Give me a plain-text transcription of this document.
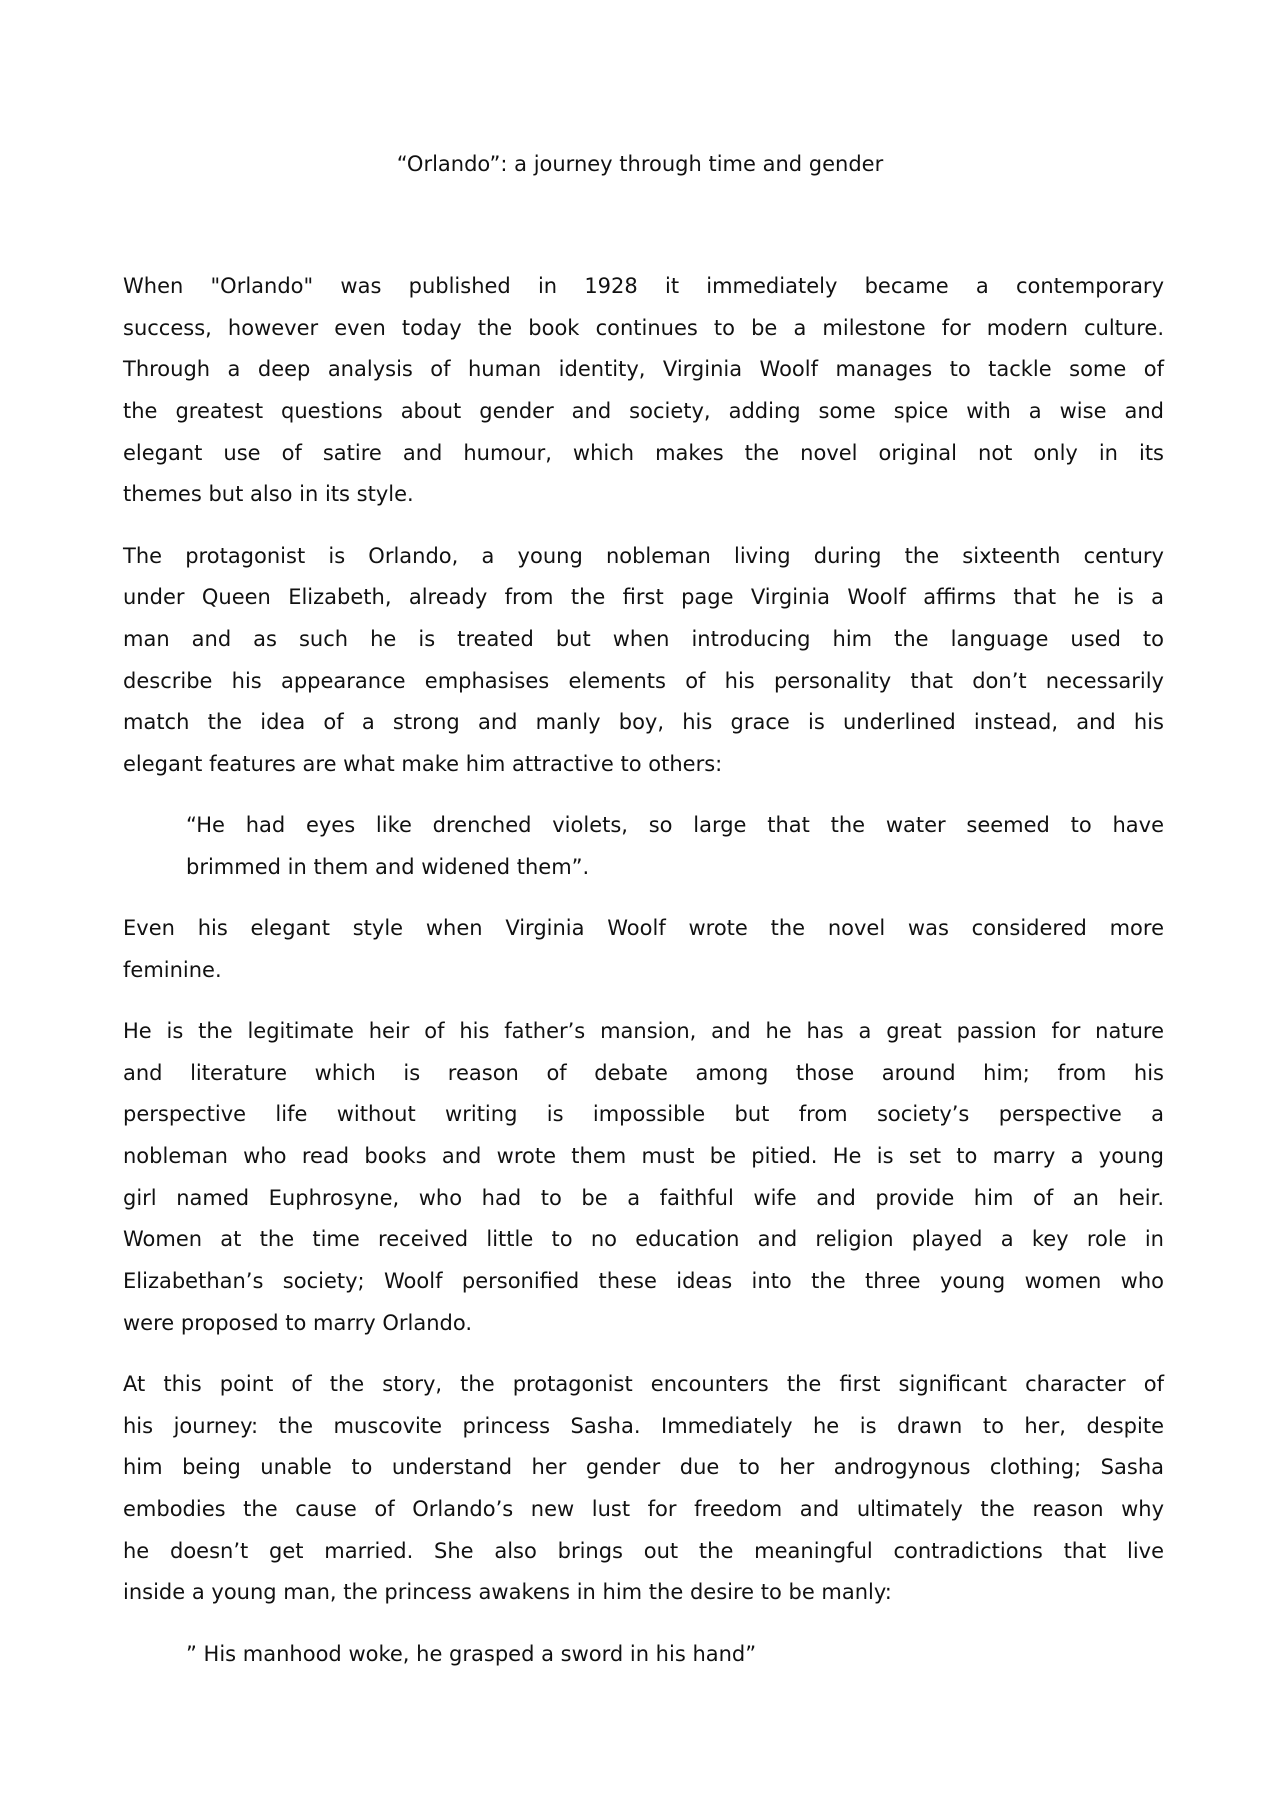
“Orlando”: a journey through time and gender
When "Orlando" was published in 1928 it immediately became a contemporary
success, however even today the book continues to be a milestone for modern culture.
Through a deep analysis of human identity, Virginia Woolf manages to tackle some of
the greatest questions about gender and society, adding some spice with a wise and
elegant use of satire and humour, which makes the novel original not only in its
themes but also in its style.
The protagonist is Orlando, a young nobleman living during the sixteenth century
under Queen Elizabeth, already from the first page Virginia Woolf affirms that he is a
man and as such he is treated but when introducing him the language used to
describe his appearance emphasises elements of his personality that don’t necessarily
match the idea of a strong and manly boy, his grace is underlined instead, and his
elegant features are what make him attractive to others:
“He had eyes like drenched violets, so large that the water seemed to have
brimmed in them and widened them”.
Even his elegant style when Virginia Woolf wrote the novel was considered more
feminine.
He is the legitimate heir of his father’s mansion, and he has a great passion for nature
and literature which is reason of debate among those around him; from his
perspective life without writing is impossible but from society’s perspective a
nobleman who read books and wrote them must be pitied. He is set to marry a young
girl named Euphrosyne, who had to be a faithful wife and provide him of an heir.
Women at the time received little to no education and religion played a key role in
Elizabethan’s society; Woolf personified these ideas into the three young women who
were proposed to marry Orlando.
At this point of the story, the protagonist encounters the first significant character of
his journey: the muscovite princess Sasha. Immediately he is drawn to her, despite
him being unable to understand her gender due to her androgynous clothing; Sasha
embodies the cause of Orlando’s new lust for freedom and ultimately the reason why
he doesn’t get married. She also brings out the meaningful contradictions that live
inside a young man, the princess awakens in him the desire to be manly:
” His manhood woke, he grasped a sword in his hand”
